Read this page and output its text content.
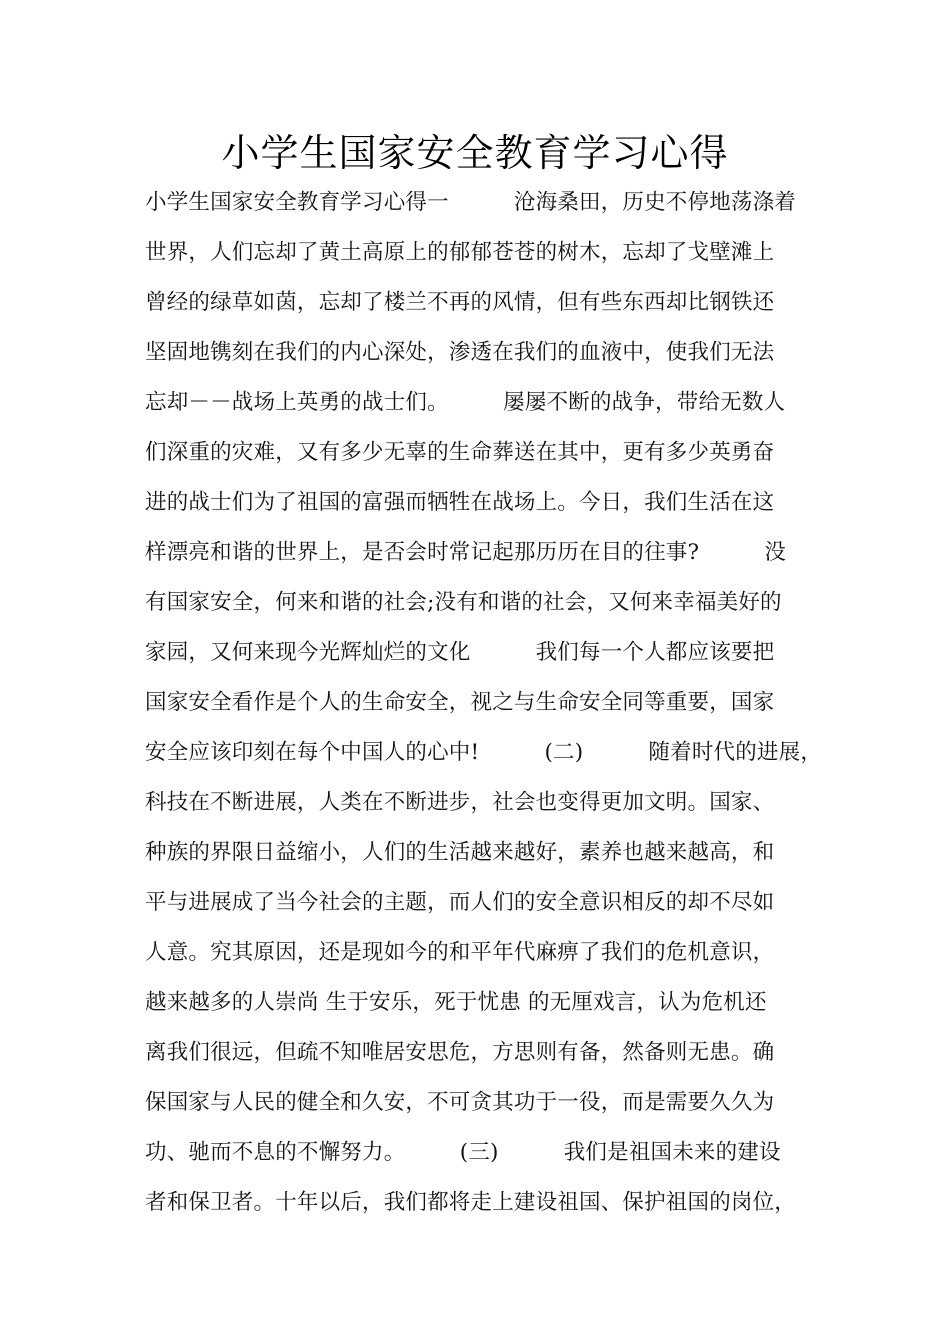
小学生国家安全教育学习心得
小学生国家安全教育学习心得一　　　沧海桑田，历史不停地荡涤着
世界，人们忘却了黄土高原上的郁郁苍苍的树木，忘却了戈壁滩上
曾经的绿草如茵，忘却了楼兰不再的风情，但有些东西却比钢铁还
坚固地镌刻在我们的内心深处，渗透在我们的血液中，使我们无法
忘却－－战场上英勇的战士们。　　　屡屡不断的战争，带给无数人
们深重的灾难，又有多少无辜的生命葬送在其中，更有多少英勇奋
进的战士们为了祖国的富强而牺牲在战场上。今日，我们生活在这
样漂亮和谐的世界上，是否会时常记起那历历在目的往事?　　　没
有国家安全，何来和谐的社会;没有和谐的社会，又何来幸福美好的
家园，又何来现今光辉灿烂的文化　　　我们每一个人都应该要把
国家安全看作是个人的生命安全，视之与生命安全同等重要，国家
安全应该印刻在每个中国人的心中!　　　(二)　　　随着时代的进展，
科技在不断进展，人类在不断进步，社会也变得更加文明。国家、
种族的界限日益缩小，人们的生活越来越好，素养也越来越高，和
平与进展成了当今社会的主题，而人们的安全意识相反的却不尽如
人意。究其原因，还是现如今的和平年代麻痹了我们的危机意识，
越来越多的人崇尚 生于安乐，死于忧患 的无厘戏言，认为危机还
离我们很远，但疏不知唯居安思危，方思则有备，然备则无患。确
保国家与人民的健全和久安，不可贪其功于一役，而是需要久久为
功、驰而不息的不懈努力。　　　(三)　　　我们是祖国未来的建设
者和保卫者。十年以后，我们都将走上建设祖国、保护祖国的岗位，
